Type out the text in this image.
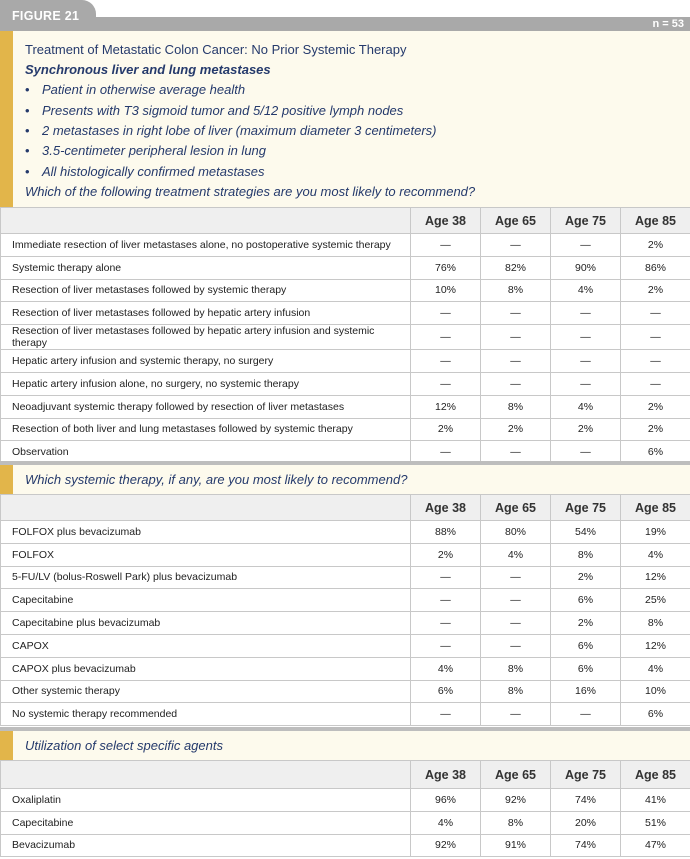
FIGURE 21
n = 53
Treatment of Metastatic Colon Cancer: No Prior Systemic Therapy
Synchronous liver and lung metastases
• Patient in otherwise average health
• Presents with T3 sigmoid tumor and 5/12 positive lymph nodes
• 2 metastases in right lobe of liver (maximum diameter 3 centimeters)
• 3.5-centimeter peripheral lesion in lung
• All histologically confirmed metastases
Which of the following treatment strategies are you most likely to recommend?
	Age 38	Age 65	Age 75	Age 85
Immediate resection of liver metastases alone, no postoperative systemic therapy	—	—	—	2%
Systemic therapy alone	76%	82%	90%	86%
Resection of liver metastases followed by systemic therapy	10%	8%	4%	2%
Resection of liver metastases followed by hepatic artery infusion	—	—	—	—
Resection of liver metastases followed by hepatic artery infusion and systemic therapy	—	—	—	—
Hepatic artery infusion and systemic therapy, no surgery	—	—	—	—
Hepatic artery infusion alone, no surgery, no systemic therapy	—	—	—	—
Neoadjuvant systemic therapy followed by resection of liver metastases	12%	8%	4%	2%
Resection of both liver and lung metastases followed by systemic therapy	2%	2%	2%	2%
Observation	—	—	—	6%
Which systemic therapy, if any, are you most likely to recommend?
	Age 38	Age 65	Age 75	Age 85
FOLFOX plus bevacizumab	88%	80%	54%	19%
FOLFOX	2%	4%	8%	4%
5-FU/LV (bolus-Roswell Park) plus bevacizumab	—	—	2%	12%
Capecitabine	—	—	6%	25%
Capecitabine plus bevacizumab	—	—	2%	8%
CAPOX	—	—	6%	12%
CAPOX plus bevacizumab	4%	8%	6%	4%
Other systemic therapy	6%	8%	16%	10%
No systemic therapy recommended	—	—	—	6%
Utilization of select specific agents
	Age 38	Age 65	Age 75	Age 85
Oxaliplatin	96%	92%	74%	41%
Capecitabine	4%	8%	20%	51%
Bevacizumab	92%	91%	74%	47%
